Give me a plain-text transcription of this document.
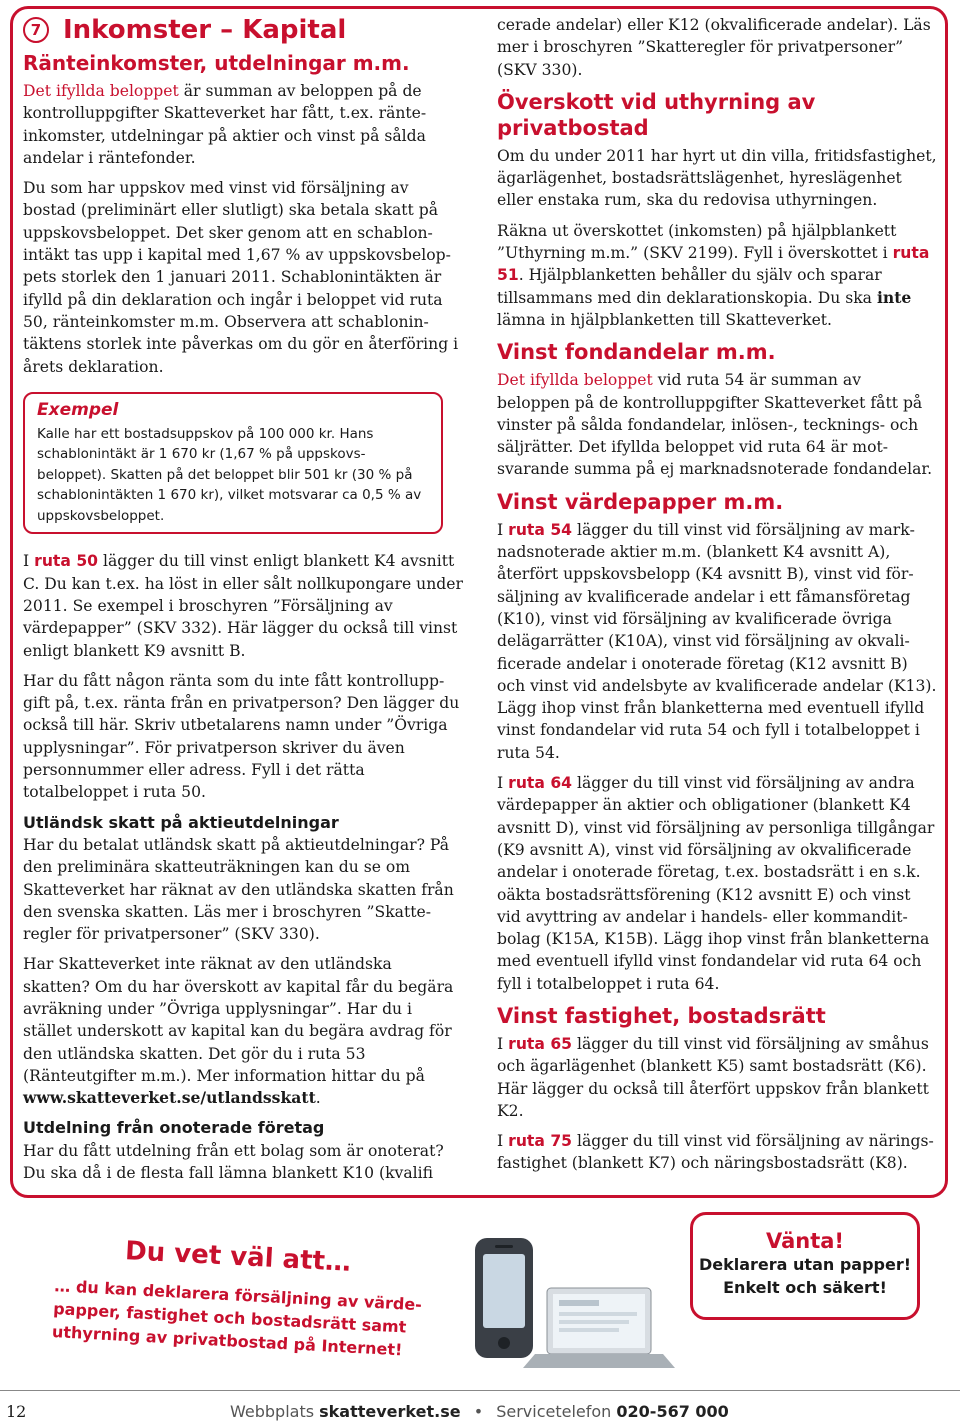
7 Inkomster – Kapital
Ränteinkomster, utdelningar m.m.

Det ifyllda beloppet är summan av beloppen på de kontrolluppgifter Skatteverket har fått, t.ex. ränteinkomster, utdelningar på aktier och vinst på sålda andelar i räntefonder.

Du som har uppskov med vinst vid försäljning av bostad (preliminärt eller slutligt) ska betala skatt på uppskovsbeloppet. Det sker genom att en schablonintäkt tas upp i kapital med 1,67 % av uppskovsbeloppets storlek den 1 januari 2011. Schablonintäkten är ifylld på din deklaration och ingår i beloppet vid ruta 50, ränteinkomster m.m. Observera att schablonintäktens storlek inte påverkas om du gör en återföring i årets deklaration.

Exempel
Kalle har ett bostadsuppskov på 100 000 kr. Hans schablonintäkt är 1 670 kr (1,67 % på uppskovsbeloppet). Skatten på det beloppet blir 501 kr (30 % på schablonintäkten 1 670 kr), vilket motsvarar ca 0,5 % av uppskovsbeloppet.

I ruta 50 lägger du till vinst enligt blankett K4 avsnitt C. Du kan t.ex. ha löst in eller sålt nollkupongare under 2011. Se exempel i broschyren ”Försäljning av värdepapper” (SKV 332). Här lägger du också till vinst enligt blankett K9 avsnitt B.

Har du fått någon ränta som du inte fått kontrolluppgift på, t.ex. ränta från en privatperson? Den lägger du också till här. Skriv utbetalarens namn under ”Övriga upplysningar”. För privatperson skriver du även personnummer eller adress. Fyll i det rätta totalbeloppet i ruta 50.

Utländsk skatt på aktieutdelningar

Har du betalat utländsk skatt på aktieutdelningar? På den preliminära skatteuträkningen kan du se om Skatteverket har räknat av den utländska skatten från den svenska skatten. Läs mer i broschyren ”Skatteregler för privatpersoner” (SKV 330).

Har Skatteverket inte räknat av den utländska skatten? Om du har överskott av kapital får du begära avräkning under ”Övriga upplysningar”. Har du i stället underskott av kapital kan du begära avdrag för den utländska skatten. Det gör du i ruta 53 (Ränteutgifter m.m.). Mer information hittar du på www.skatteverket.se/utlandsskatt.

Utdelning från onoterade företag

Har du fått utdelning från ett bolag som är onoterat? Du ska då i de flesta fall lämna blankett K10 (kvalifi

cerade andelar) eller K12 (okvalificerade andelar). Läs mer i broschyren ”Skatteregler för privatpersoner” (SKV 330).

Överskott vid uthyrning av privatbostad

Om du under 2011 har hyrt ut din villa, fritidsfastighet, ägarlägenhet, bostadsrättslägenhet, hyreslägenhet eller enstaka rum, ska du redovisa uthyrningen.

Räkna ut överskottet (inkomsten) på hjälpblankett ”Uthyrning m.m.” (SKV 2199). Fyll i överskottet i ruta 51. Hjälpblanketten behåller du själv och sparar tillsammans med din deklarationskopia. Du ska inte lämna in hjälpblanketten till Skatteverket.

Vinst fondandelar m.m.

Det ifyllda beloppet vid ruta 54 är summan av beloppen på de kontrolluppgifter Skatteverket fått på vinster på sålda fondandelar, inlösen-, tecknings- och säljrätter. Det ifyllda beloppet vid ruta 64 är motsvarande summa på ej marknadsnoterade fondandelar.

Vinst värdepapper m.m.

I ruta 54 lägger du till vinst vid försäljning av marknadsnoterade aktier m.m. (blankett K4 avsnitt A), återfört uppskovsbelopp (K4 avsnitt B), vinst vid försäljning av kvalificerade andelar i ett fåmansföretag (K10), vinst vid försäljning av kvalificerade övriga delägarrätter (K10A), vinst vid försäljning av okvalificerade andelar i onoterade företag (K12 avsnitt B) och vinst vid andelsbyte av kvalificerade andelar (K13). Lägg ihop vinst från blanketterna med eventuell ifylld vinst fondandelar vid ruta 54 och fyll i totalbeloppet i ruta 54.

I ruta 64 lägger du till vinst vid försäljning av andra värdepapper än aktier och obligationer (blankett K4 avsnitt D), vinst vid försäljning av personliga tillgångar (K9 avsnitt A), vinst vid försäljning av okvalificerade andelar i onoterade företag, t.ex. bostadsrätt i en s.k. oäkta bostadsrättsförening (K12 avsnitt E) och vinst vid avyttring av andelar i handels- eller kommanditbolag (K15A, K15B). Lägg ihop vinst från blanketterna med eventuell ifylld vinst fondandelar vid ruta 64 och fyll i totalbeloppet i ruta 64.

Vinst fastighet, bostadsrätt

I ruta 65 lägger du till vinst vid försäljning av småhus och ägarlägenhet (blankett K5) samt bostadsrätt (K6). Här lägger du också till återfört uppskov från blankett K2.

I ruta 75 lägger du till vinst vid försäljning av näringsfastighet (blankett K7) och näringsbostadsrätt (K8).

Du vet väl att…
… du kan deklarera försäljning av värdepapper, fastighet och bostadsrätt samt uthyrning av privatbostad på Internet!
Vänta!
Deklarera utan papper!
Enkelt och säkert!
12	Webbplats skatteverket.se • Servicetelefon 020-567 000
